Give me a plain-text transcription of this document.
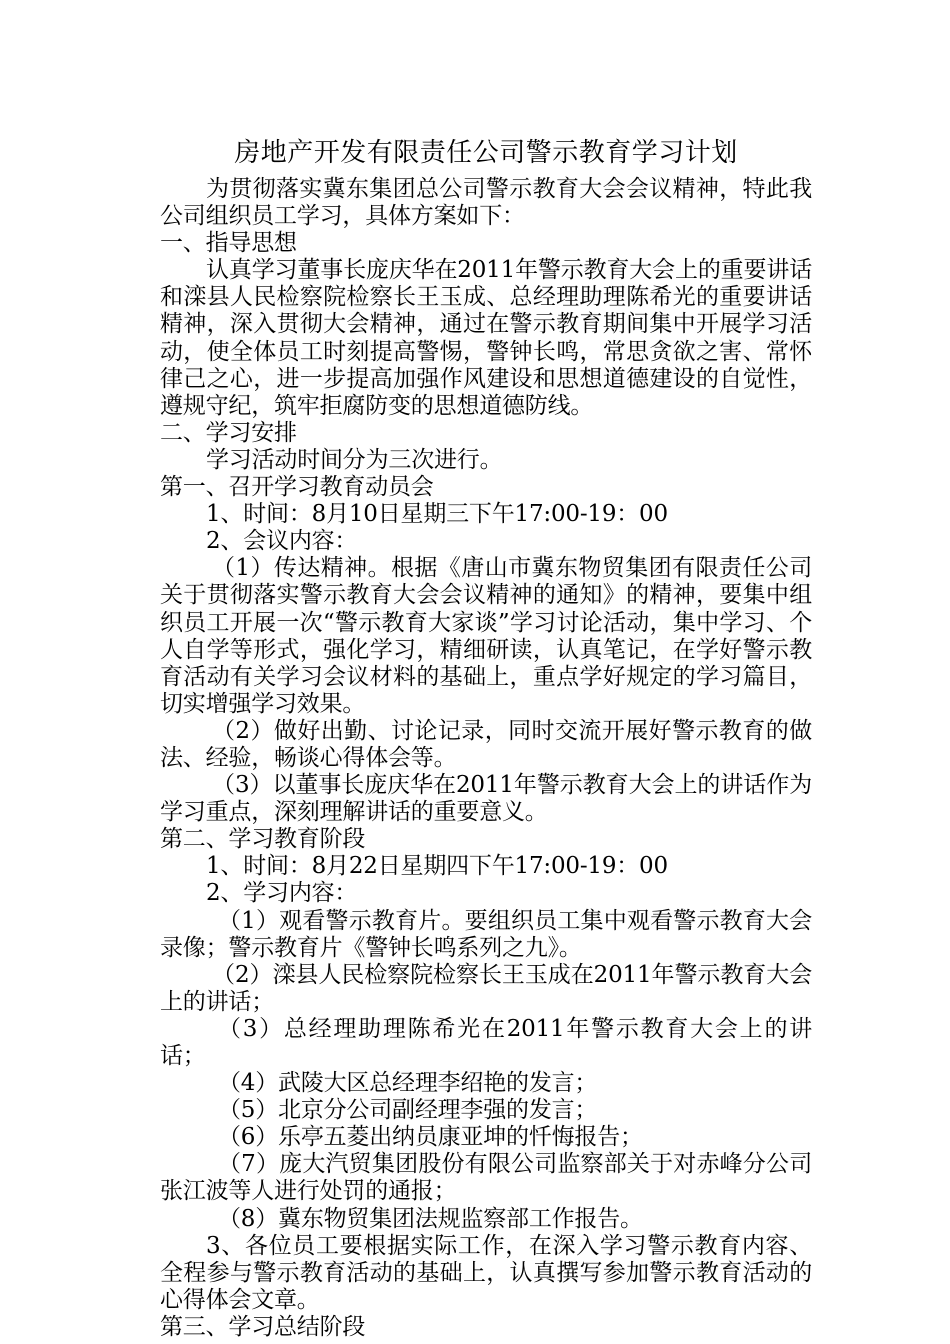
房地产开发有限责任公司警示教育学习计划

为贯彻落实冀东集团总公司警示教育大会会议精神，特此我公司组织员工学习，具体方案如下：

一、指导思想

认真学习董事长庞庆华在2011年警示教育大会上的重要讲话和滦县人民检察院检察长王玉成、总经理助理陈希光的重要讲话精神，深入贯彻大会精神，通过在警示教育期间集中开展学习活动，使全体员工时刻提高警惕，警钟长鸣，常思贪欲之害、常怀律己之心，进一步提高加强作风建设和思想道德建设的自觉性，遵规守纪，筑牢拒腐防变的思想道德防线。

二、学习安排

学习活动时间分为三次进行。

第一、召开学习教育动员会

1、时间：8月10日星期三下午17:00-19：00

2、会议内容：

（1）传达精神。根据《唐山市冀东物贸集团有限责任公司关于贯彻落实警示教育大会会议精神的通知》的精神，要集中组织员工开展一次“警示教育大家谈”学习讨论活动，集中学习、个人自学等形式，强化学习，精细研读，认真笔记，在学好警示教育活动有关学习会议材料的基础上，重点学好规定的学习篇目，切实增强学习效果。

（2）做好出勤、讨论记录，同时交流开展好警示教育的做法、经验，畅谈心得体会等。

（3）以董事长庞庆华在2011年警示教育大会上的讲话作为学习重点，深刻理解讲话的重要意义。

第二、学习教育阶段

1、时间：8月22日星期四下午17:00-19：00

2、学习内容：

（1）观看警示教育片。要组织员工集中观看警示教育大会录像；警示教育片《警钟长鸣系列之九》。

（2）滦县人民检察院检察长王玉成在2011年警示教育大会上的讲话；

（3）总经理助理陈希光在2011年警示教育大会上的讲话；

（4）武陵大区总经理李绍艳的发言；

（5）北京分公司副经理李强的发言；

（6）乐亭五菱出纳员康亚坤的忏悔报告；

（7）庞大汽贸集团股份有限公司监察部关于对赤峰分公司张江波等人进行处罚的通报；

（8）冀东物贸集团法规监察部工作报告。

3、各位员工要根据实际工作，在深入学习警示教育内容、全程参与警示教育活动的基础上，认真撰写参加警示教育活动的心得体会文章。

第三、学习总结阶段
